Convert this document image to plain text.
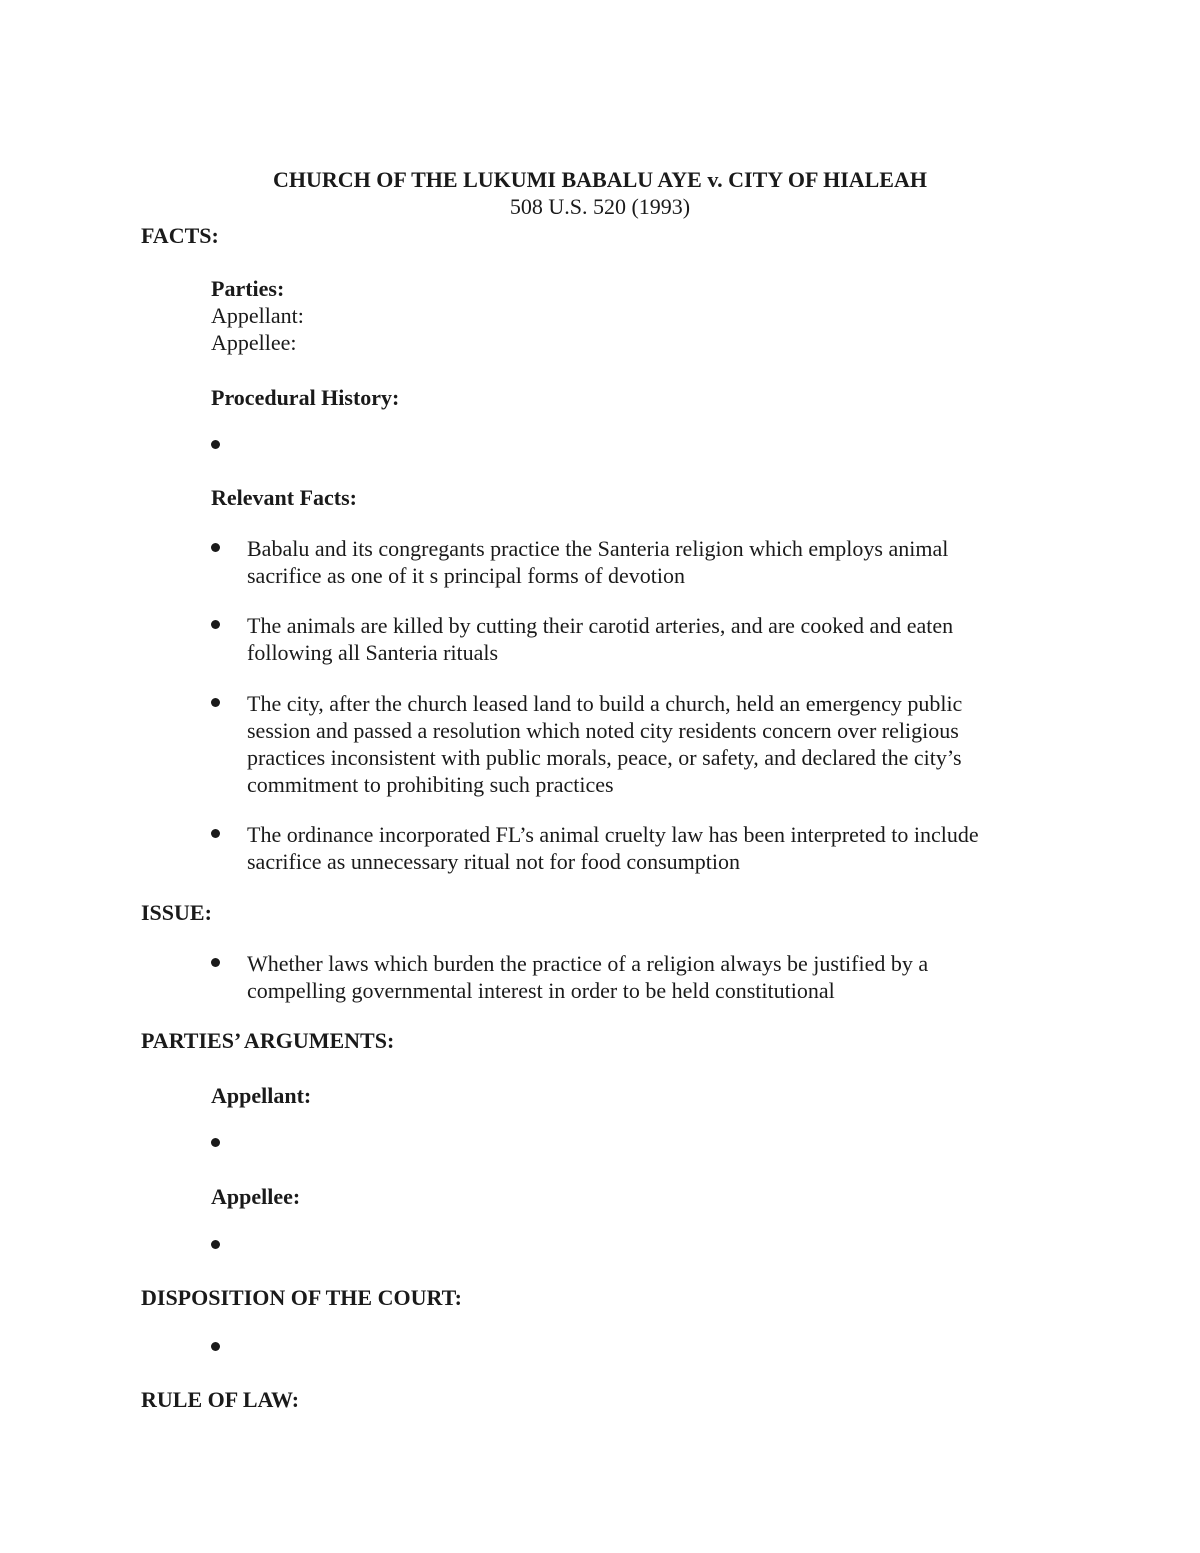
CHURCH OF THE LUKUMI BABALU AYE v. CITY OF HIALEAH
508 U.S. 520 (1993)
FACTS:
Parties:
Appellant:
Appellee:
Procedural History:
Relevant Facts:
Babalu and its congregants practice the Santeria religion which employs animal
sacrifice as one of it s principal forms of devotion
The animals are killed by cutting their carotid arteries, and are cooked and eaten
following all Santeria rituals
The city, after the church leased land to build a church, held an emergency public
session and passed a resolution which noted city residents concern over religious
practices inconsistent with public morals, peace, or safety, and declared the city’s
commitment to prohibiting such practices
The ordinance incorporated FL’s animal cruelty law has been interpreted to include
sacrifice as unnecessary ritual not for food consumption
ISSUE:
Whether laws which burden the practice of a religion always be justified by a
compelling governmental interest in order to be held constitutional
PARTIES’ ARGUMENTS:
Appellant:
Appellee:
DISPOSITION OF THE COURT:
RULE OF LAW:
